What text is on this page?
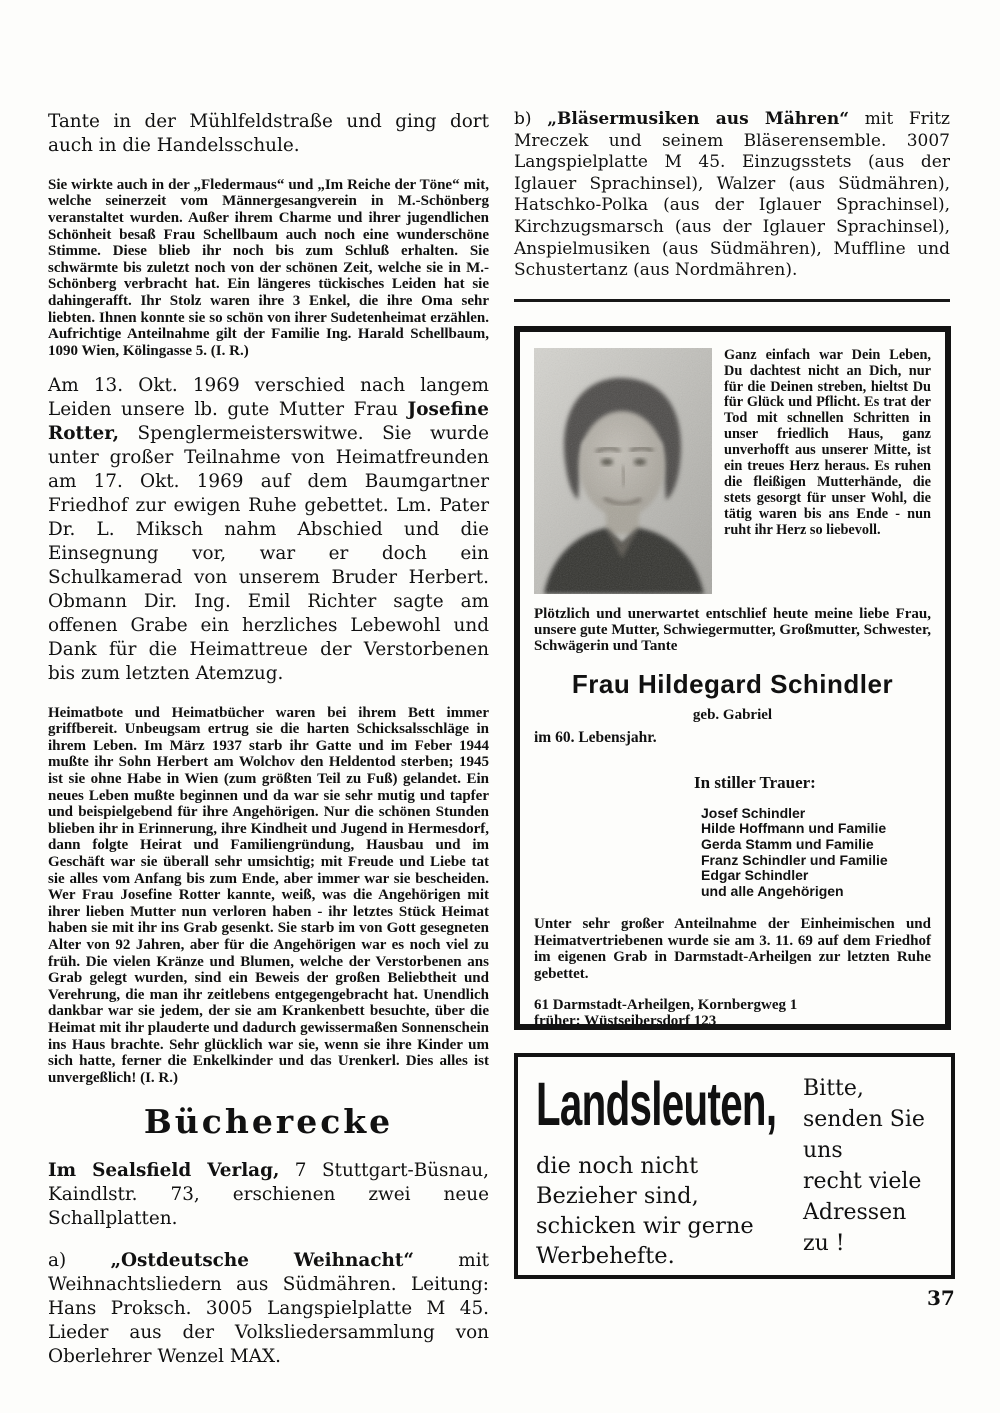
Tante in der Mühlfeldstraße und ging dort auch in die Handelsschule.

Sie wirkte auch in der „Fledermaus“ und „Im Reiche der Töne“ mit, welche seinerzeit vom Männergesangverein in M.-Schönberg veranstaltet wurden. Außer ihrem Charme und ihrer jugendlichen Schönheit besaß Frau Schellbaum auch noch eine wunderschöne Stimme. Diese blieb ihr noch bis zum Schluß erhalten. Sie schwärmte bis zuletzt noch von der schönen Zeit, welche sie in M.-Schönberg verbracht hat. Ein längeres tückisches Leiden hat sie dahingerafft. Ihr Stolz waren ihre 3 Enkel, die ihre Oma sehr liebten. Ihnen konnte sie so schön von ihrer Sudetenheimat erzählen. Aufrichtige Anteilnahme gilt der Familie Ing. Harald Schellbaum, 1090 Wien, Kölingasse 5. (I. R.)

Am 13. Okt. 1969 verschied nach langem Leiden unsere lb. gute Mutter Frau Josefine Rotter, Spenglermeisterswitwe. Sie wurde unter großer Teilnahme von Heimatfreunden am 17. Okt. 1969 auf dem Baumgartner Friedhof zur ewigen Ruhe gebettet. Lm. Pater Dr. L. Miksch nahm Abschied und die Einsegnung vor, war er doch ein Schulkamerad von unserem Bruder Herbert. Obmann Dir. Ing. Emil Richter sagte am offenen Grabe ein herzliches Lebewohl und Dank für die Heimattreue der Verstorbenen bis zum letzten Atemzug.

Heimatbote und Heimatbücher waren bei ihrem Bett immer griffbereit. Unbeugsam ertrug sie die harten Schicksalsschläge in ihrem Leben. Im März 1937 starb ihr Gatte und im Feber 1944 mußte ihr Sohn Herbert am Wolchov den Heldentod sterben; 1945 ist sie ohne Habe in Wien (zum größten Teil zu Fuß) gelandet. Ein neues Leben mußte beginnen und da war sie sehr mutig und tapfer und beispielgebend für ihre Angehörigen. Nur die schönen Stunden blieben ihr in Erinnerung, ihre Kindheit und Jugend in Hermesdorf, dann folgte Heirat und Familiengründung, Hausbau und im Geschäft war sie überall sehr umsichtig; mit Freude und Liebe tat sie alles vom Anfang bis zum Ende, aber immer war sie bescheiden. Wer Frau Josefine Rotter kannte, weiß, was die Angehörigen mit ihrer lieben Mutter nun verloren haben - ihr letztes Stück Heimat haben sie mit ihr ins Grab gesenkt. Sie starb im von Gott gesegneten Alter von 92 Jahren, aber für die Angehörigen war es noch viel zu früh. Die vielen Kränze und Blumen, welche der Verstorbenen ans Grab gelegt wurden, sind ein Beweis der großen Beliebtheit und Verehrung, die man ihr zeitlebens entgegengebracht hat. Unendlich dankbar war sie jedem, der sie am Krankenbett besuchte, über die Heimat mit ihr plauderte und dadurch gewissermaßen Sonnenschein ins Haus brachte. Sehr glücklich war sie, wenn sie ihre Kinder um sich hatte, ferner die Enkelkinder und das Urenkerl. Dies alles ist unvergeßlich! (I. R.)

Bücherecke

Im Sealsfield Verlag, 7 Stuttgart-Büsnau, Kaindlstr. 73, erschienen zwei neue Schallplatten.

a) „Ostdeutsche Weihnacht“ mit Weihnachtsliedern aus Südmähren. Leitung: Hans Proksch. 3005 Langspielplatte M 45. Lieder aus der Volksliedersammlung von Oberlehrer Wenzel MAX.

b) „Bläsermusiken aus Mähren“ mit Fritz Mreczek und seinem Bläserensemble. 3007 Langspielplatte M 45. Einzugsstets (aus der Iglauer Sprachinsel), Walzer (aus Südmähren), Hatschko-Polka (aus der Iglauer Sprachinsel), Kirchzugsmarsch (aus der Iglauer Sprachinsel), Anspielmusiken (aus Südmähren), Muffline und Schustertanz (aus Nordmähren).

Ganz einfach war Dein Leben, Du dachtest nicht an Dich, nur für die Deinen streben, hieltst Du für Glück und Pflicht. Es trat der Tod mit schnellen Schritten in unser friedlich Haus, ganz unverhofft aus unserer Mitte, ist ein treues Herz heraus. Es ruhen die fleißigen Mutterhände, die stets gesorgt für unser Wohl, die tätig waren bis ans Ende - nun ruht ihr Herz so liebevoll.

Plötzlich und unerwartet entschlief heute meine liebe Frau, unsere gute Mutter, Schwiegermutter, Großmutter, Schwester, Schwägerin und Tante

Frau Hildegard Schindler
geb. Gabriel
im 60. Lebensjahr.
In stiller Trauer:
Josef Schindler
Hilde Hoffmann und Familie
Gerda Stamm und Familie
Franz Schindler und Familie
Edgar Schindler
und alle Angehörigen

Unter sehr großer Anteilnahme der Einheimischen und Heimatvertriebenen wurde sie am 3. 11. 69 auf dem Friedhof im eigenen Grab in Darmstadt-Arheilgen zur letzten Ruhe gebettet.

61 Darmstadt-Arheilgen, Kornbergweg 1
früher: Wüstseibersdorf 123
Landsleuten,
die noch nicht Bezieher sind, schicken wir gerne Werbehefte.
Bitte,
senden Sie
uns
recht viele
Adressen
zu !
37
